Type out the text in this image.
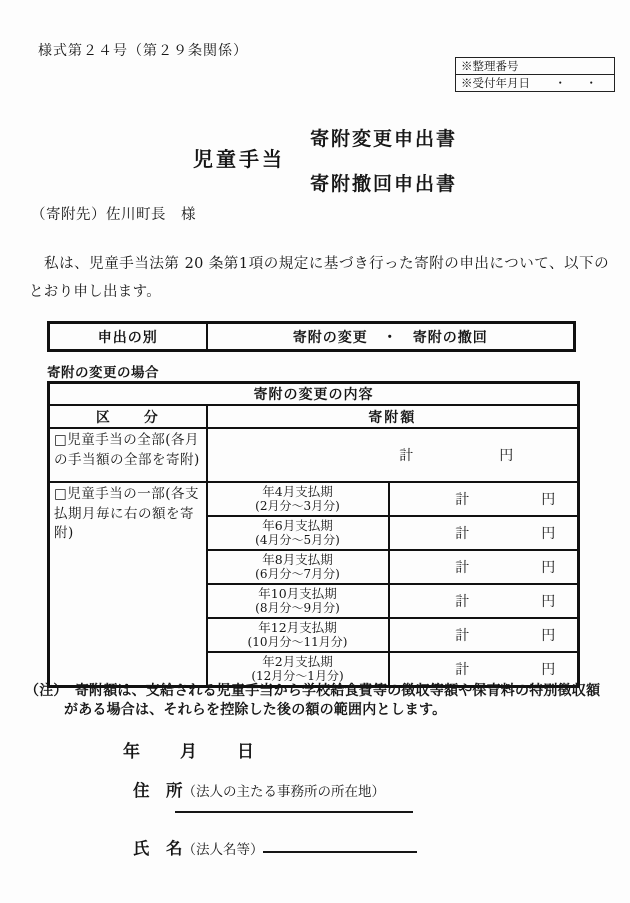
様式第２４号（第２９条関係）
※整理番号
※受付年月日 ・　・
児童手当
寄附変更申出書
寄附撤回申出書
（寄附先）佐川町長　様
　私は、児童手当法第 20 条第1項の規定に基づき行った寄附の申出について、以下のとおり申し出ます。
申出の別	寄附の変更　・　寄附の撤回
寄附の変更の場合
寄附の変更の内容		
区　　分	寄附額	
□児童手当の全部(各月の手当額の全部を寄附)	計 円	

□児童手当の一部(各支払期月毎に右の額を寄附)	
年4月支払期
(2月分～3月分)	計	円

年6月支払期
(4月分～5月分)	計	円

年8月支払期
(6月分～7月分)	計	円

年10月支払期
(8月分～9月分)	計	円

年12月支払期
(10月分～11月分)	計	円

年2月支払期
(12月分～1月分)	計	円
（注）　寄附額は、支給される児童手当から学校給食費等の徴収等額や保育料の特別徴収額
がある場合は、それらを控除した後の額の範囲内とします。
年　　月　　日
住　所（法人の主たる事務所の所在地）
氏　名（法人名等）
